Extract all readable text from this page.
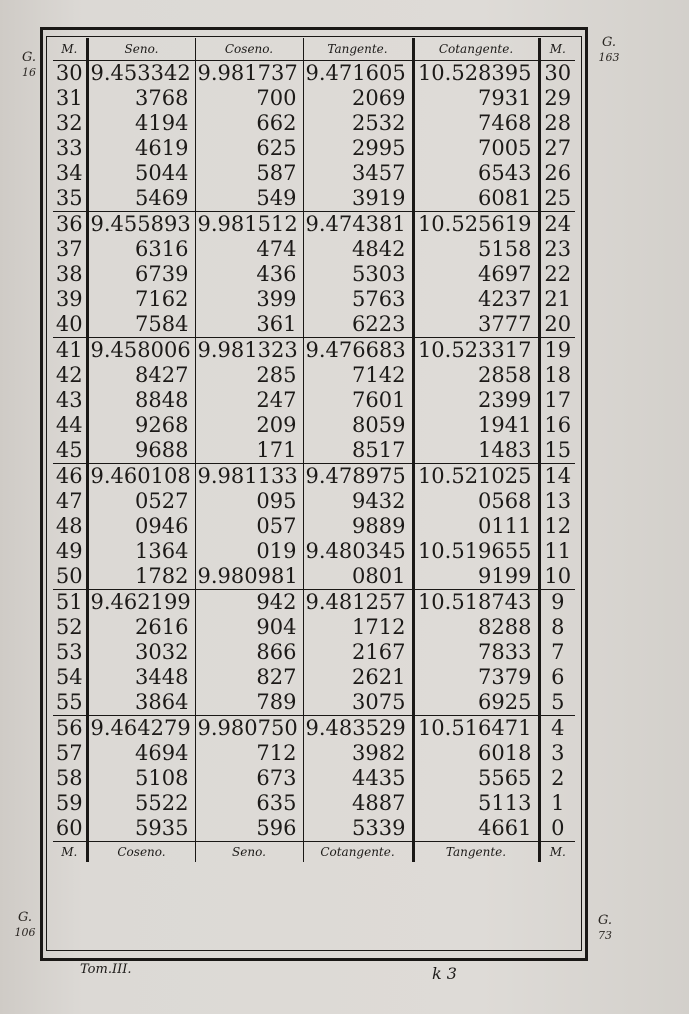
G.
16
G.
163
G.
106
G.
73
M.	Seno.	Coseno.	Tangente.	Cotangente.	M.
30	9.453342	9.981737	9.471605	10.528395	30
31	3768	700	2069	7931	29
32	4194	662	2532	7468	28
33	4619	625	2995	7005	27
34	5044	587	3457	6543	26
35	5469	549	3919	6081	25
36	9.455893	9.981512	9.474381	10.525619	24
37	6316	474	4842	5158	23
38	6739	436	5303	4697	22
39	7162	399	5763	4237	21
40	7584	361	6223	3777	20
41	9.458006	9.981323	9.476683	10.523317	19
42	8427	285	7142	2858	18
43	8848	247	7601	2399	17
44	9268	209	8059	1941	16
45	9688	171	8517	1483	15
46	9.460108	9.981133	9.478975	10.521025	14
47	0527	095	9432	0568	13
48	0946	057	9889	0111	12
49	1364	019	9.480345	10.519655	11
50	1782	9.980981	0801	9199	10
51	9.462199	942	9.481257	10.518743	9
52	2616	904	1712	8288	8
53	3032	866	2167	7833	7
54	3448	827	2621	7379	6
55	3864	789	3075	6925	5
56	9.464279	9.980750	9.483529	10.516471	4
57	4694	712	3982	6018	3
58	5108	673	4435	5565	2
59	5522	635	4887	5113	1
60	5935	596	5339	4661	0
M.	Coseno.	Seno.	Cotangente.	Tangente.	M.
Tom.III.	k 3
